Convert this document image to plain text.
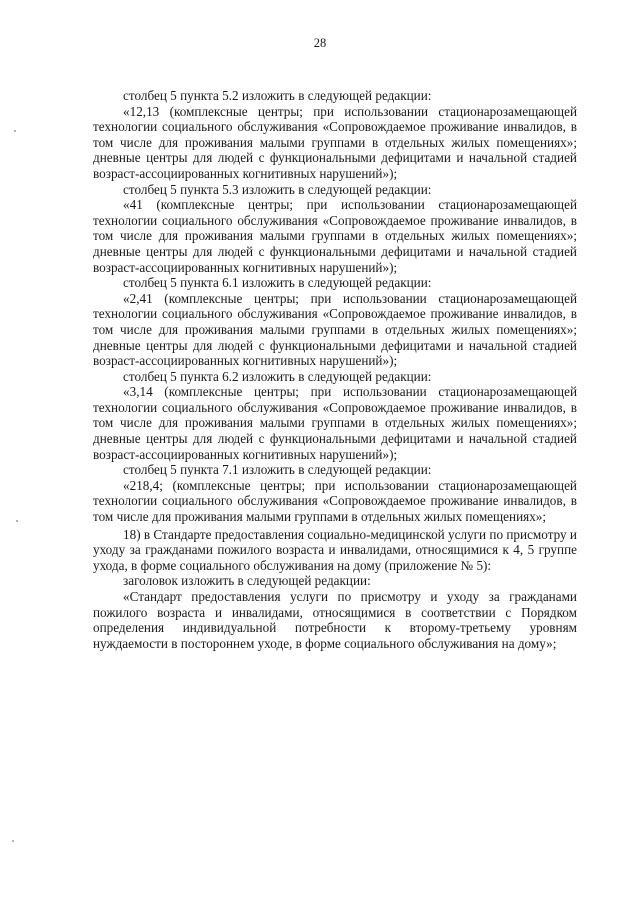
28

столбец 5 пункта 5.2 изложить в следующей редакции:

«12,13 (комплексные центры; при использовании стационарозамещающей технологии социального обслуживания «Сопровождаемое проживание инвалидов, в том числе для проживания малыми группами в отдельных жилых помещениях»; дневные центры для людей с функциональными дефицитами и начальной стадией возраст-ассоциированных когнитивных нарушений»);

столбец 5 пункта 5.3 изложить в следующей редакции:

«41 (комплексные центры; при использовании стационарозамещающей технологии социального обслуживания «Сопровождаемое проживание инвалидов, в том числе для проживания малыми группами в отдельных жилых помещениях»; дневные центры для людей с функциональными дефицитами и начальной стадией возраст-ассоциированных когнитивных нарушений»);

столбец 5 пункта 6.1 изложить в следующей редакции:

«2,41 (комплексные центры; при использовании стационарозамещающей технологии социального обслуживания «Сопровождаемое проживание инвалидов, в том числе для проживания малыми группами в отдельных жилых помещениях»; дневные центры для людей с функциональными дефицитами и начальной стадией возраст-ассоциированных когнитивных нарушений»);

столбец 5 пункта 6.2 изложить в следующей редакции:

«3,14 (комплексные центры; при использовании стационарозамещающей технологии социального обслуживания «Сопровождаемое проживание инвалидов, в том числе для проживания малыми группами в отдельных жилых помещениях»; дневные центры для людей с функциональными дефицитами и начальной стадией возраст-ассоциированных когнитивных нарушений»);

столбец 5 пункта 7.1 изложить в следующей редакции:

«218,4; (комплексные центры; при использовании стационарозамещающей технологии социального обслуживания «Сопровождаемое проживание инвалидов, в том числе для проживания малыми группами в отдельных жилых помещениях»;

18) в Стандарте предоставления социально-медицинской услуги по присмотру и уходу за гражданами пожилого возраста и инвалидами, относящимися к 4, 5 группе ухода, в форме социального обслуживания на дому (приложение № 5):

заголовок изложить в следующей редакции:

«Стандарт предоставления услуги по присмотру и уходу за гражданами пожилого возраста и инвалидами, относящимися в соответствии с Порядком определения индивидуальной потребности к второму-третьему уровням нуждаемости в постороннем уходе, в форме социального обслуживания на дому»;
